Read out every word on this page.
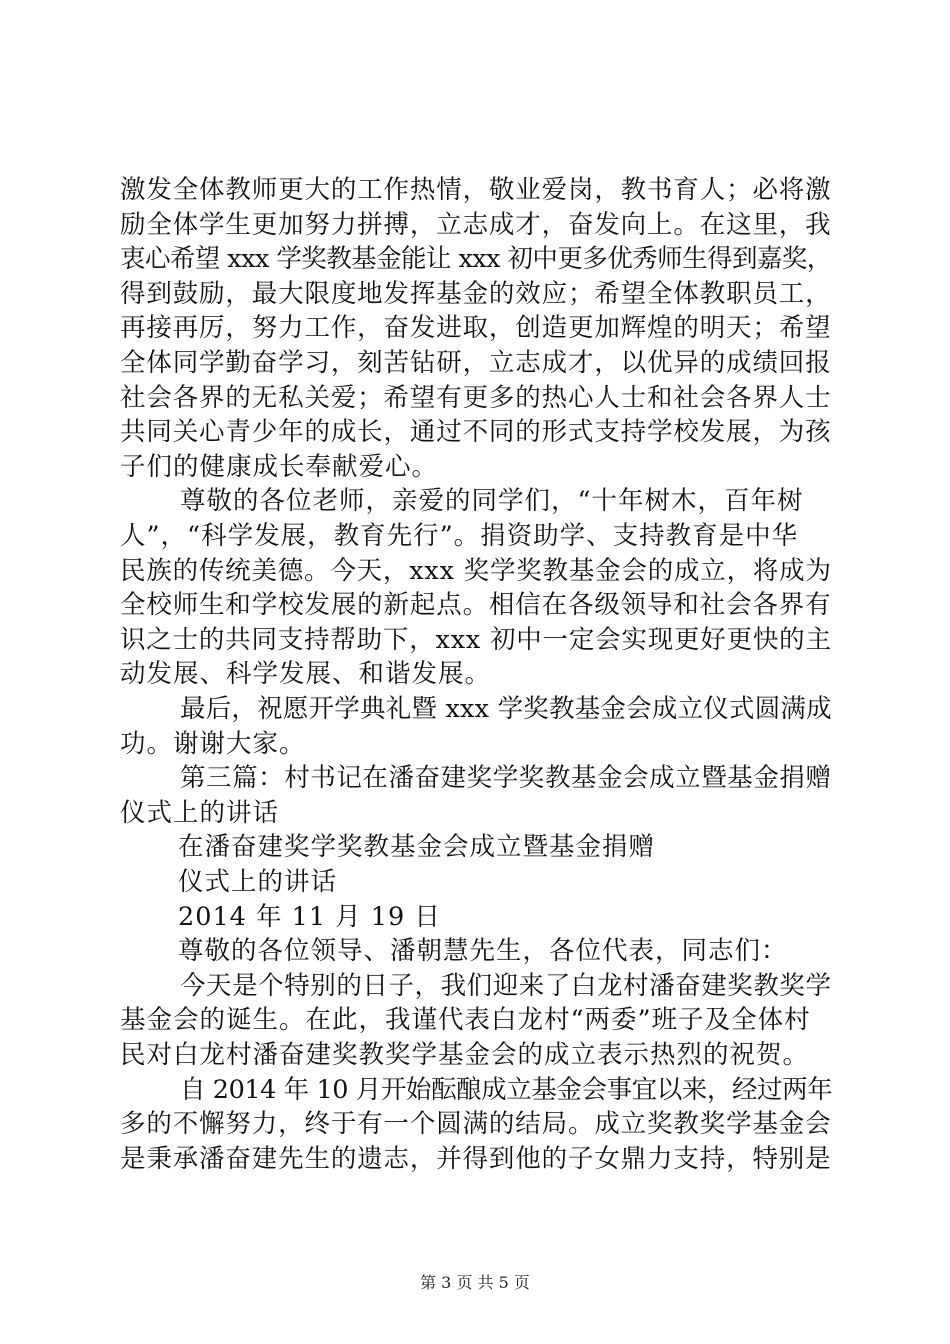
激发全体教师更大的工作热情，敬业爱岗，教书育人；必将激
励全体学生更加努力拼搏，立志成才，奋发向上。在这里，我
衷心希望 xxx 学奖教基金能让 xxx 初中更多优秀师生得到嘉奖，
得到鼓励，最大限度地发挥基金的效应；希望全体教职员工，
再接再厉，努力工作，奋发进取，创造更加辉煌的明天；希望
全体同学勤奋学习，刻苦钻研，立志成才，以优异的成绩回报
社会各界的无私关爱；希望有更多的热心人士和社会各界人士
共同关心青少年的成长，通过不同的形式支持学校发展，为孩
子们的健康成长奉献爱心。
尊敬的各位老师，亲爱的同学们，“十年树木，百年树
人”，“科学发展，教育先行”。捐资助学、支持教育是中华
民族的传统美德。今天，xxx 奖学奖教基金会的成立，将成为
全校师生和学校发展的新起点。相信在各级领导和社会各界有
识之士的共同支持帮助下，xxx 初中一定会实现更好更快的主
动发展、科学发展、和谐发展。
最后，祝愿开学典礼暨 xxx 学奖教基金会成立仪式圆满成
功。谢谢大家。
第三篇：村书记在潘奋建奖学奖教基金会成立暨基金捐赠
仪式上的讲话
在潘奋建奖学奖教基金会成立暨基金捐赠
仪式上的讲话
2014 年 11 月 19 日
尊敬的各位领导、潘朝慧先生，各位代表，同志们：
今天是个特别的日子，我们迎来了白龙村潘奋建奖教奖学
基金会的诞生。在此，我谨代表白龙村“两委”班子及全体村
民对白龙村潘奋建奖教奖学基金会的成立表示热烈的祝贺。
自 2014 年 10 月开始酝酿成立基金会事宜以来，经过两年
多的不懈努力，终于有一个圆满的结局。成立奖教奖学基金会
是秉承潘奋建先生的遗志，并得到他的子女鼎力支持，特别是
第 3 页 共 5 页
